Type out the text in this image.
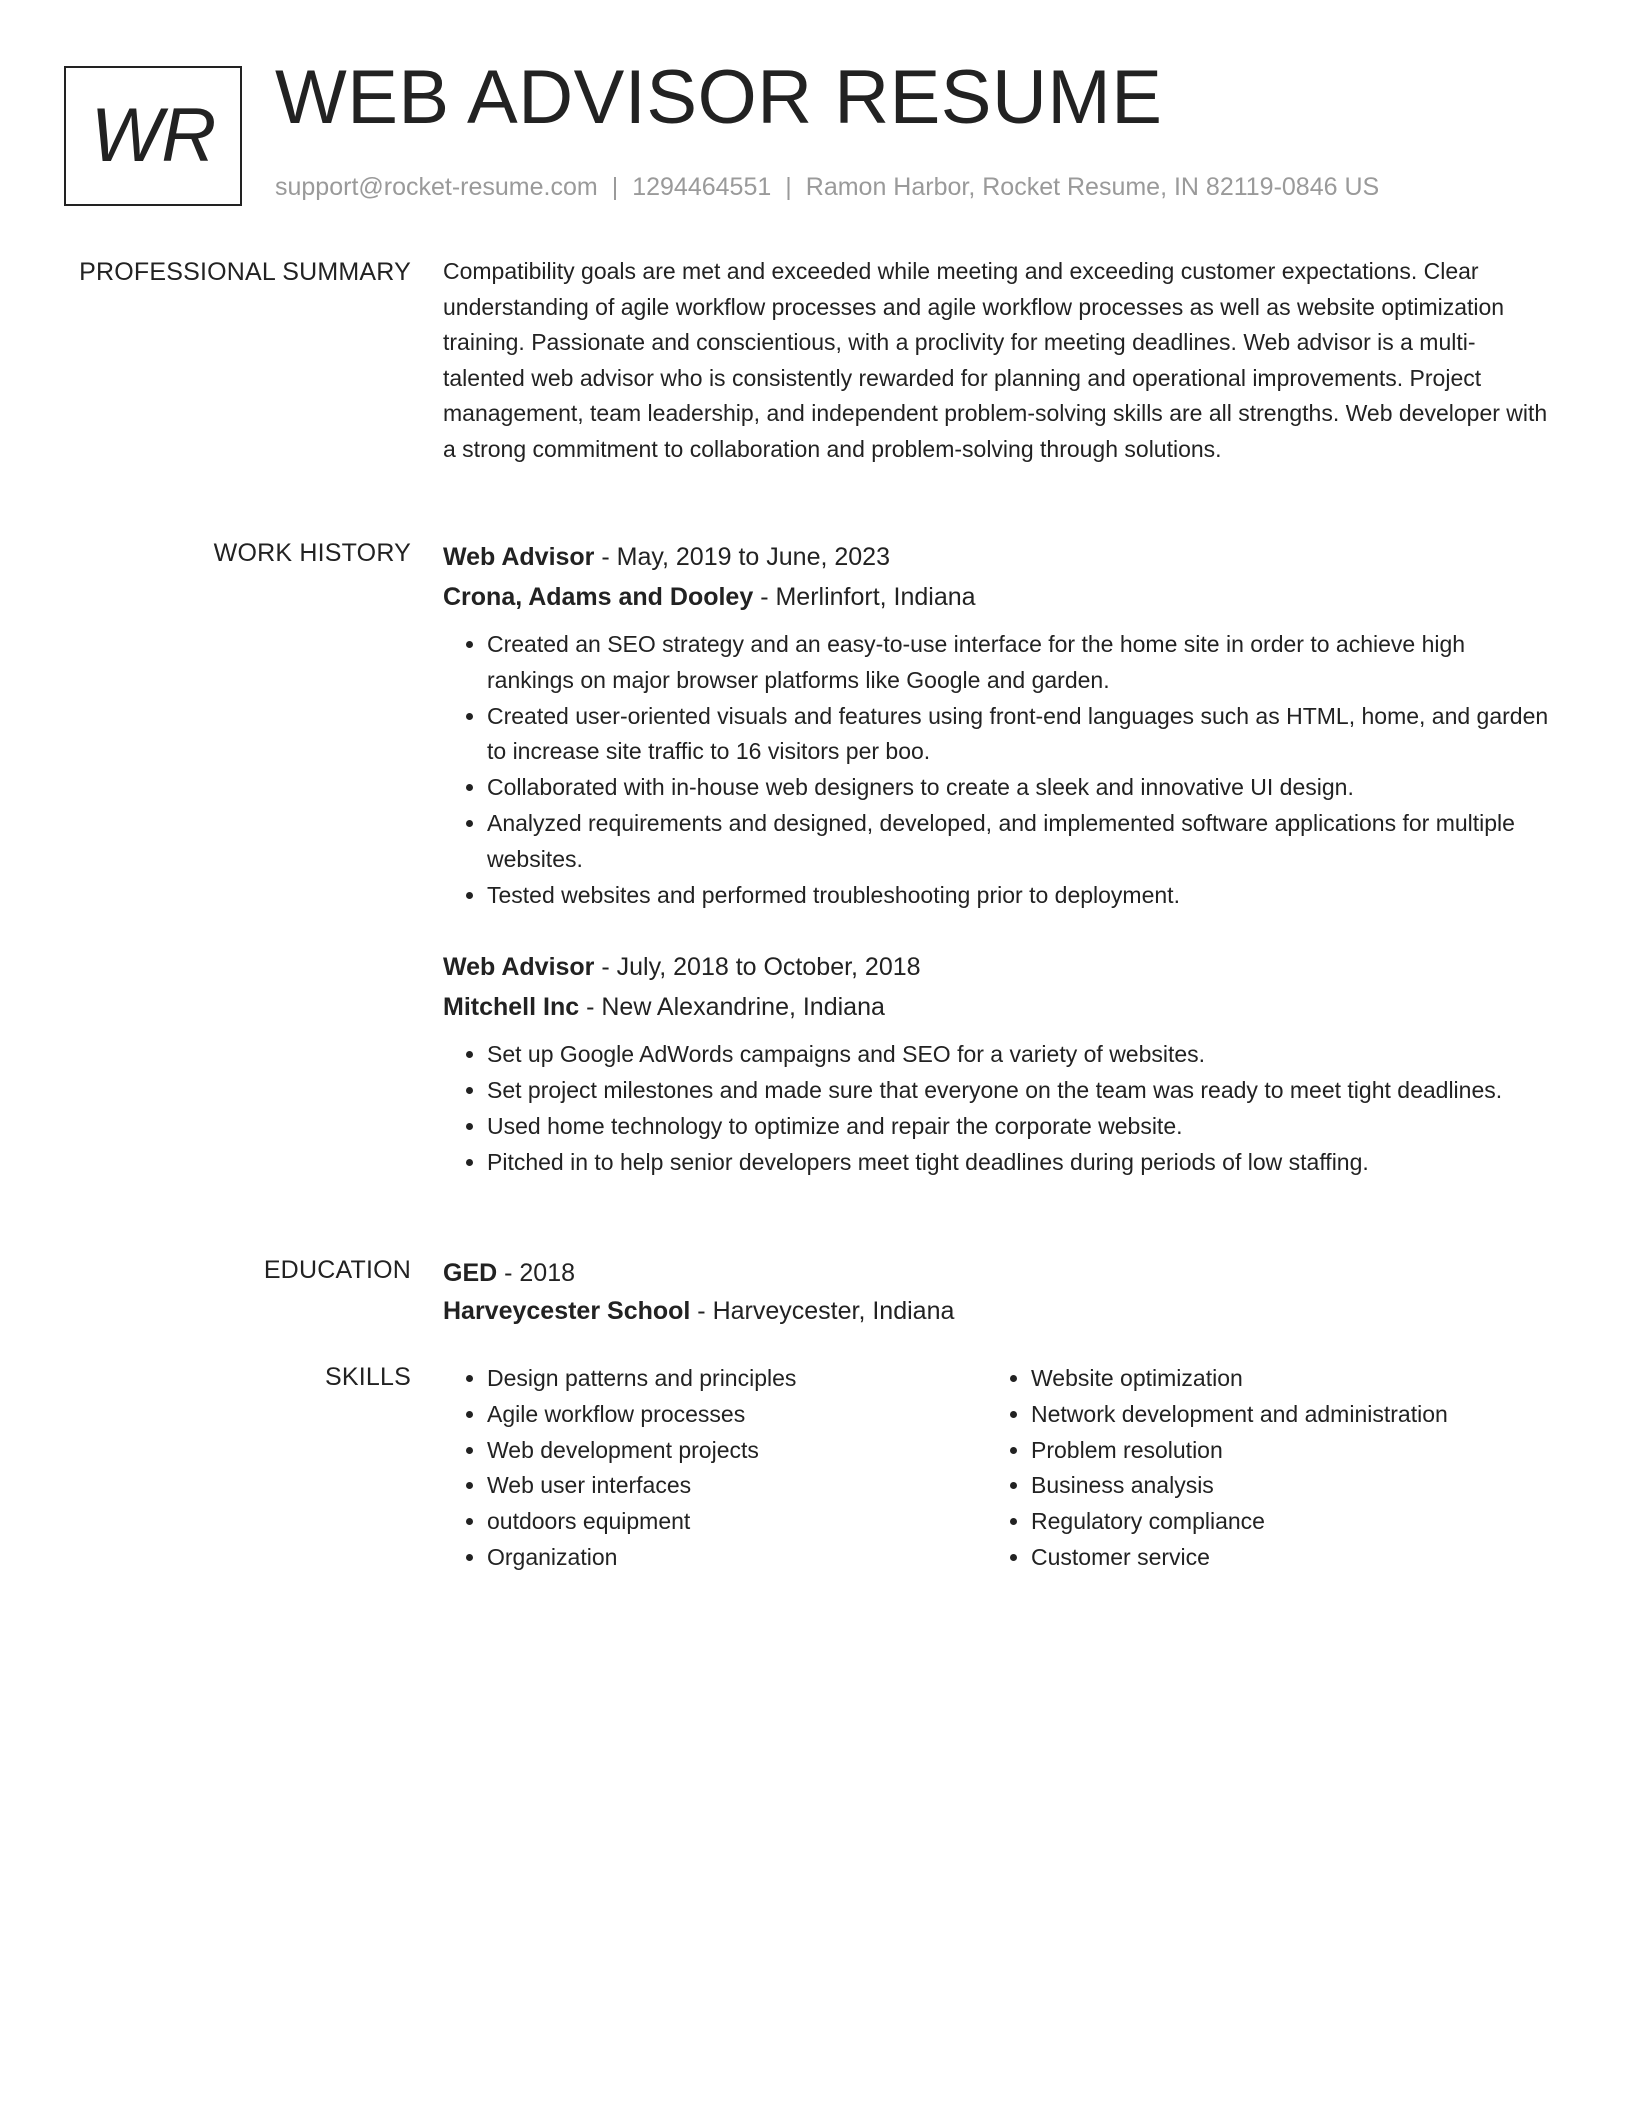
WR WEB ADVISOR RESUME
support@rocket-resume.com | 1294464551 | Ramon Harbor, Rocket Resume, IN 82119-0846 US
PROFESSIONAL SUMMARY Compatibility goals are met and exceeded while meeting and exceeding customer expectations. Clear understanding of agile workflow processes and agile workflow processes as well as website optimization training. Passionate and conscientious, with a proclivity for meeting deadlines. Web advisor is a multi-talented web advisor who is consistently rewarded for planning and operational improvements. Project management, team leadership, and independent problem-solving skills are all strengths. Web developer with a strong commitment to collaboration and problem-solving through solutions.

WORK HISTORY Web Advisor - May, 2019 to June, 2023
Crona, Adams and Dooley - Merlinfort, Indiana
• Created an SEO strategy and an easy-to-use interface for the home site in order to achieve high rankings on major browser platforms like Google and garden.
• Created user-oriented visuals and features using front-end languages such as HTML, home, and garden to increase site traffic to 16 visitors per boo.
• Collaborated with in-house web designers to create a sleek and innovative UI design.
• Analyzed requirements and designed, developed, and implemented software applications for multiple websites.
• Tested websites and performed troubleshooting prior to deployment.
Web Advisor - July, 2018 to October, 2018
Mitchell Inc - New Alexandrine, Indiana
• Set up Google AdWords campaigns and SEO for a variety of websites.
• Set project milestones and made sure that everyone on the team was ready to meet tight deadlines.
• Used home technology to optimize and repair the corporate website.
• Pitched in to help senior developers meet tight deadlines during periods of low staffing.
EDUCATION GED - 2018
Harveycester School - Harveycester, Indiana
SKILLS
•	Design patterns and principles
• Agile workflow processes
• Web development projects
• Web user interfaces
• outdoors equipment
• Organization
• Website optimization
• Network development and administration
• Problem resolution
• Business analysis
• Regulatory compliance
• Customer service
